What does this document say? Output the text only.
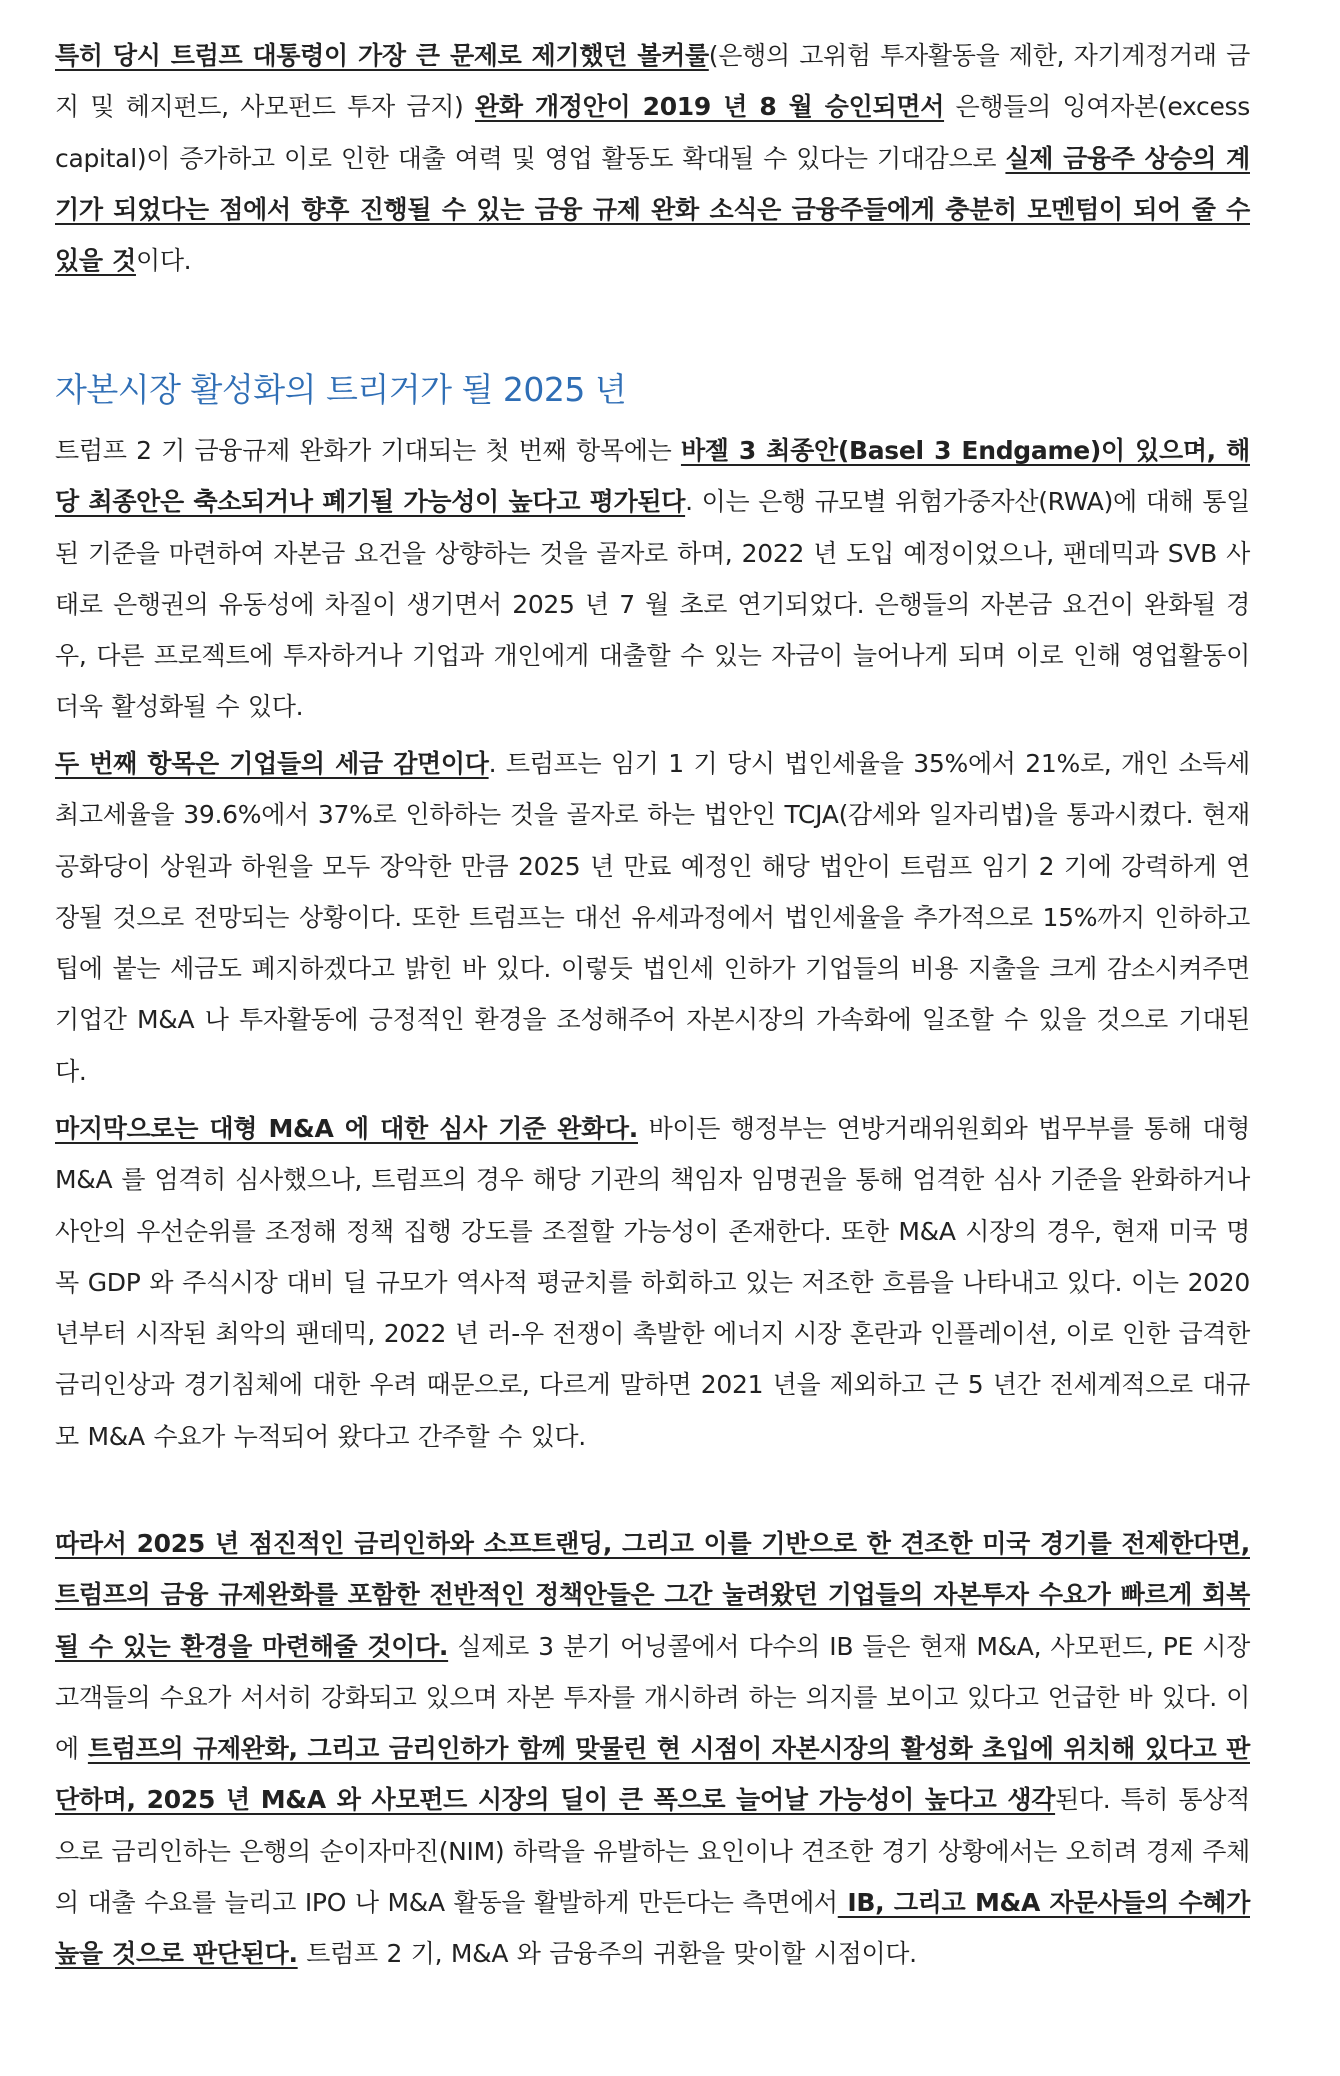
특히 당시 트럼프 대통령이 가장 큰 문제로 제기했던 볼커룰(은행의 고위험 투자활동을 제한, 자기계정거래 금지 및 헤지펀드, 사모펀드 투자 금지) 완화 개정안이 2019 년 8 월 승인되면서 은행들의 잉여자본(excess capital)이 증가하고 이로 인한 대출 여력 및 영업 활동도 확대될 수 있다는 기대감으로 실제 금융주 상승의 계기가 되었다는 점에서 향후 진행될 수 있는 금융 규제 완화 소식은 금융주들에게 충분히 모멘텀이 되어 줄 수 있을 것이다.

자본시장 활성화의 트리거가 될 2025 년

트럼프 2 기 금융규제 완화가 기대되는 첫 번째 항목에는 바젤 3 최종안(Basel 3 Endgame)이 있으며, 해당 최종안은 축소되거나 폐기될 가능성이 높다고 평가된다. 이는 은행 규모별 위험가중자산(RWA)에 대해 통일된 기준을 마련하여 자본금 요건을 상향하는 것을 골자로 하며, 2022 년 도입 예정이었으나, 팬데믹과 SVB 사태로 은행권의 유동성에 차질이 생기면서 2025 년 7 월 초로 연기되었다. 은행들의 자본금 요건이 완화될 경우, 다른 프로젝트에 투자하거나 기업과 개인에게 대출할 수 있는 자금이 늘어나게 되며 이로 인해 영업활동이 더욱 활성화될 수 있다.

두 번째 항목은 기업들의 세금 감면이다. 트럼프는 임기 1 기 당시 법인세율을 35%에서 21%로, 개인 소득세 최고세율을 39.6%에서 37%로 인하하는 것을 골자로 하는 법안인 TCJA(감세와 일자리법)을 통과시켰다. 현재 공화당이 상원과 하원을 모두 장악한 만큼 2025 년 만료 예정인 해당 법안이 트럼프 임기 2 기에 강력하게 연장될 것으로 전망되는 상황이다. 또한 트럼프는 대선 유세과정에서 법인세율을 추가적으로 15%까지 인하하고 팁에 붙는 세금도 폐지하겠다고 밝힌 바 있다. 이렇듯 법인세 인하가 기업들의 비용 지출을 크게 감소시켜주면 기업간 M&A 나 투자활동에 긍정적인 환경을 조성해주어 자본시장의 가속화에 일조할 수 있을 것으로 기대된다.

마지막으로는 대형 M&A 에 대한 심사 기준 완화다. 바이든 행정부는 연방거래위원회와 법무부를 통해 대형 M&A 를 엄격히 심사했으나, 트럼프의 경우 해당 기관의 책임자 임명권을 통해 엄격한 심사 기준을 완화하거나 사안의 우선순위를 조정해 정책 집행 강도를 조절할 가능성이 존재한다. 또한 M&A 시장의 경우, 현재 미국 명목 GDP 와 주식시장 대비 딜 규모가 역사적 평균치를 하회하고 있는 저조한 흐름을 나타내고 있다. 이는 2020 년부터 시작된 최악의 팬데믹, 2022 년 러-우 전쟁이 촉발한 에너지 시장 혼란과 인플레이션, 이로 인한 급격한 금리인상과 경기침체에 대한 우려 때문으로, 다르게 말하면 2021 년을 제외하고 근 5 년간 전세계적으로 대규모 M&A 수요가 누적되어 왔다고 간주할 수 있다.

따라서 2025 년 점진적인 금리인하와 소프트랜딩, 그리고 이를 기반으로 한 견조한 미국 경기를 전제한다면, 트럼프의 금융 규제완화를 포함한 전반적인 정책안들은 그간 눌려왔던 기업들의 자본투자 수요가 빠르게 회복될 수 있는 환경을 마련해줄 것이다. 실제로 3 분기 어닝콜에서 다수의 IB 들은 현재 M&A, 사모펀드, PE 시장 고객들의 수요가 서서히 강화되고 있으며 자본 투자를 개시하려 하는 의지를 보이고 있다고 언급한 바 있다. 이에 트럼프의 규제완화, 그리고 금리인하가 함께 맞물린 현 시점이 자본시장의 활성화 초입에 위치해 있다고 판단하며, 2025 년 M&A 와 사모펀드 시장의 딜이 큰 폭으로 늘어날 가능성이 높다고 생각된다. 특히 통상적으로 금리인하는 은행의 순이자마진(NIM) 하락을 유발하는 요인이나 견조한 경기 상황에서는 오히려 경제 주체의 대출 수요를 늘리고 IPO 나 M&A 활동을 활발하게 만든다는 측면에서 IB, 그리고 M&A 자문사들의 수혜가 높을 것으로 판단된다. 트럼프 2 기, M&A 와 금융주의 귀환을 맞이할 시점이다.
